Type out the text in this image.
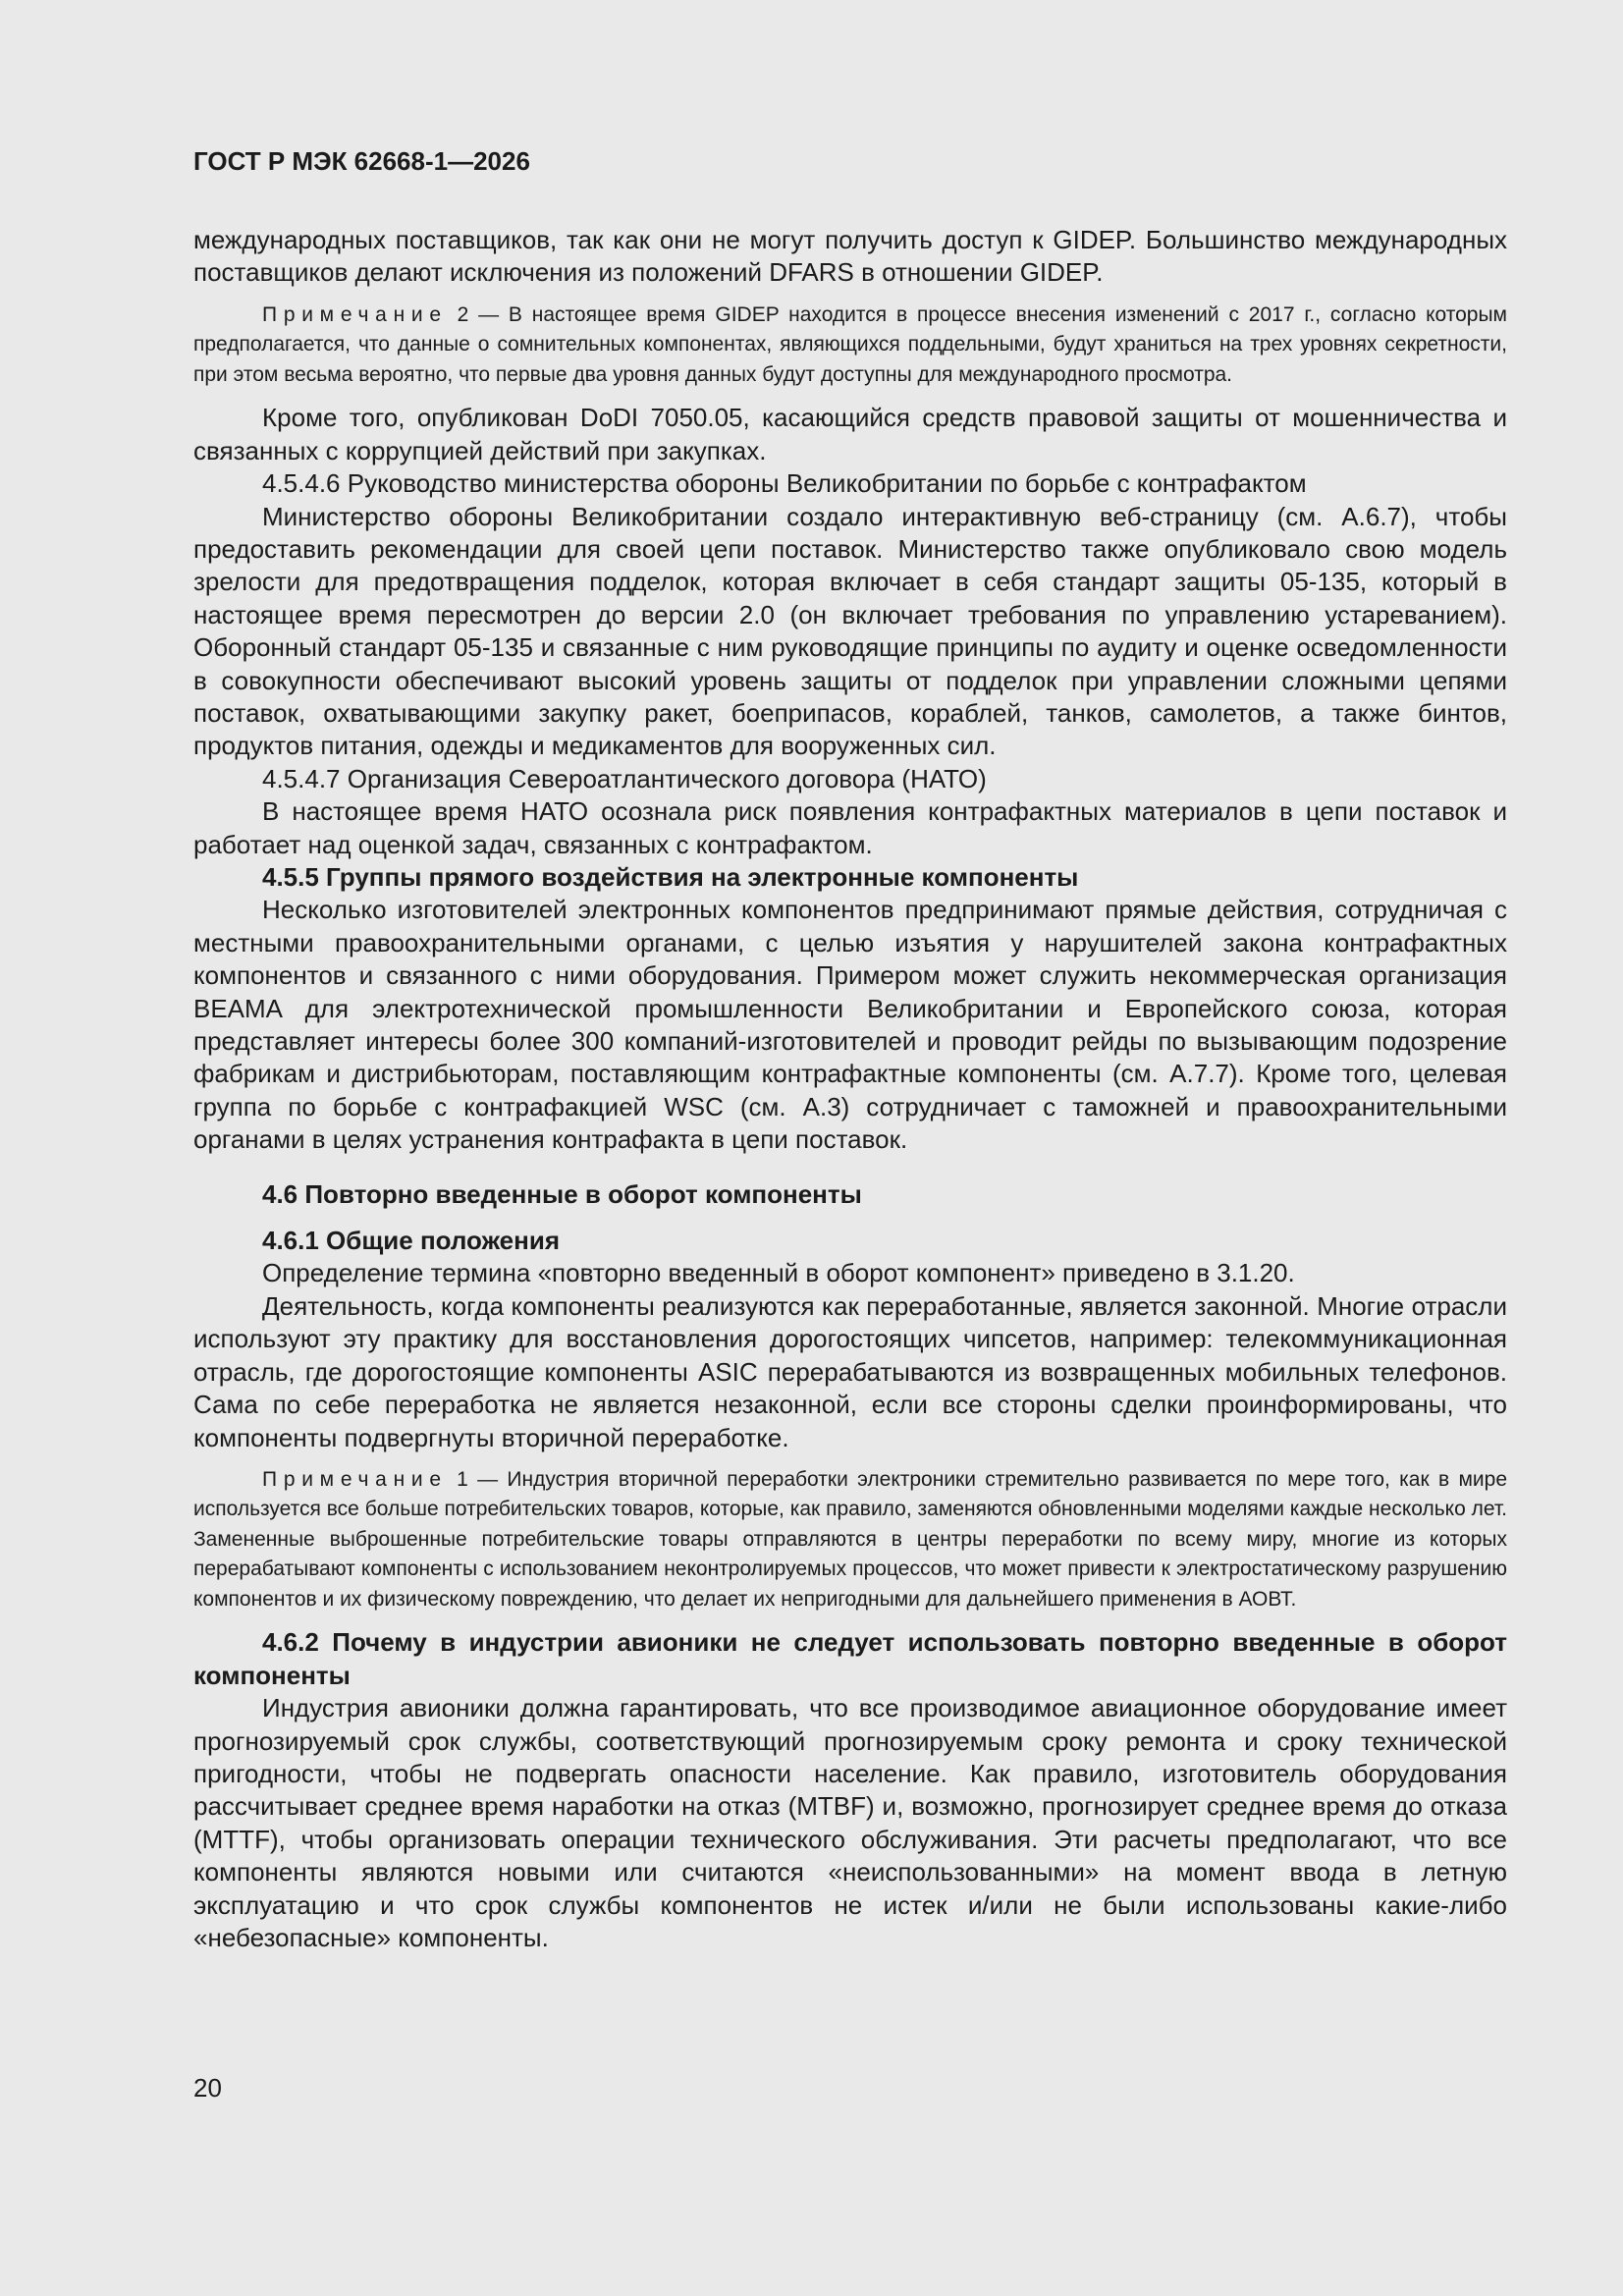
ГОСТ Р МЭК 62668-1—2026

международных поставщиков, так как они не могут получить доступ к GIDEP. Большинство международных поставщиков делают исключения из положений DFARS в отношении GIDEP.

Примечание 2 — В настоящее время GIDEP находится в процессе внесения изменений с 2017 г., согласно которым предполагается, что данные о сомнительных компонентах, являющихся поддельными, будут храниться на трех уровнях секретности, при этом весьма вероятно, что первые два уровня данных будут доступны для международного просмотра.

Кроме того, опубликован DoDI 7050.05, касающийся средств правовой защиты от мошенничества и связанных с коррупцией действий при закупках.

4.5.4.6 Руководство министерства обороны Великобритании по борьбе с контрафактом

Министерство обороны Великобритании создало интерактивную веб-страницу (см. А.6.7), чтобы предоставить рекомендации для своей цепи поставок. Министерство также опубликовало свою модель зрелости для предотвращения подделок, которая включает в себя стандарт защиты 05-135, который в настоящее время пересмотрен до версии 2.0 (он включает требования по управлению устареванием). Оборонный стандарт 05-135 и связанные с ним руководящие принципы по аудиту и оценке осведомленности в совокупности обеспечивают высокий уровень защиты от подделок при управлении сложными цепями поставок, охватывающими закупку ракет, боеприпасов, кораблей, танков, самолетов, а также бинтов, продуктов питания, одежды и медикаментов для вооруженных сил.

4.5.4.7 Организация Североатлантического договора (НАТО)

В настоящее время НАТО осознала риск появления контрафактных материалов в цепи поставок и работает над оценкой задач, связанных с контрафактом.

4.5.5 Группы прямого воздействия на электронные компоненты

Несколько изготовителей электронных компонентов предпринимают прямые действия, сотрудничая с местными правоохранительными органами, с целью изъятия у нарушителей закона контрафактных компонентов и связанного с ними оборудования. Примером может служить некоммерческая организация BEAMA для электротехнической промышленности Великобритании и Европейского союза, которая представляет интересы более 300 компаний-изготовителей и проводит рейды по вызывающим подозрение фабрикам и дистрибьюторам, поставляющим контрафактные компоненты (см. А.7.7). Кроме того, целевая группа по борьбе с контрафакцией WSC (см. А.3) сотрудничает с таможней и правоохранительными органами в целях устранения контрафакта в цепи поставок.

4.6 Повторно введенные в оборот компоненты

4.6.1 Общие положения

Определение термина «повторно введенный в оборот компонент» приведено в 3.1.20.

Деятельность, когда компоненты реализуются как переработанные, является законной. Многие отрасли используют эту практику для восстановления дорогостоящих чипсетов, например: телекоммуникационная отрасль, где дорогостоящие компоненты ASIC перерабатываются из возвращенных мобильных телефонов. Сама по себе переработка не является незаконной, если все стороны сделки проинформированы, что компоненты подвергнуты вторичной переработке.

Примечание 1 — Индустрия вторичной переработки электроники стремительно развивается по мере того, как в мире используется все больше потребительских товаров, которые, как правило, заменяются обновленными моделями каждые несколько лет. Замененные выброшенные потребительские товары отправляются в центры переработки по всему миру, многие из которых перерабатывают компоненты с использованием неконтролируемых процессов, что может привести к электростатическому разрушению компонентов и их физическому повреждению, что делает их непригодными для дальнейшего применения в АОВТ.

4.6.2 Почему в индустрии авионики не следует использовать повторно введенные в оборот компоненты

Индустрия авионики должна гарантировать, что все производимое авиационное оборудование имеет прогнозируемый срок службы, соответствующий прогнозируемым сроку ремонта и сроку технической пригодности, чтобы не подвергать опасности население. Как правило, изготовитель оборудования рассчитывает среднее время наработки на отказ (MTBF) и, возможно, прогнозирует среднее время до отказа (MTTF), чтобы организовать операции технического обслуживания. Эти расчеты предполагают, что все компоненты являются новыми или считаются «неиспользованными» на момент ввода в летную эксплуатацию и что срок службы компонентов не истек и/или не были использованы какие-либо «небезопасные» компоненты.

20
